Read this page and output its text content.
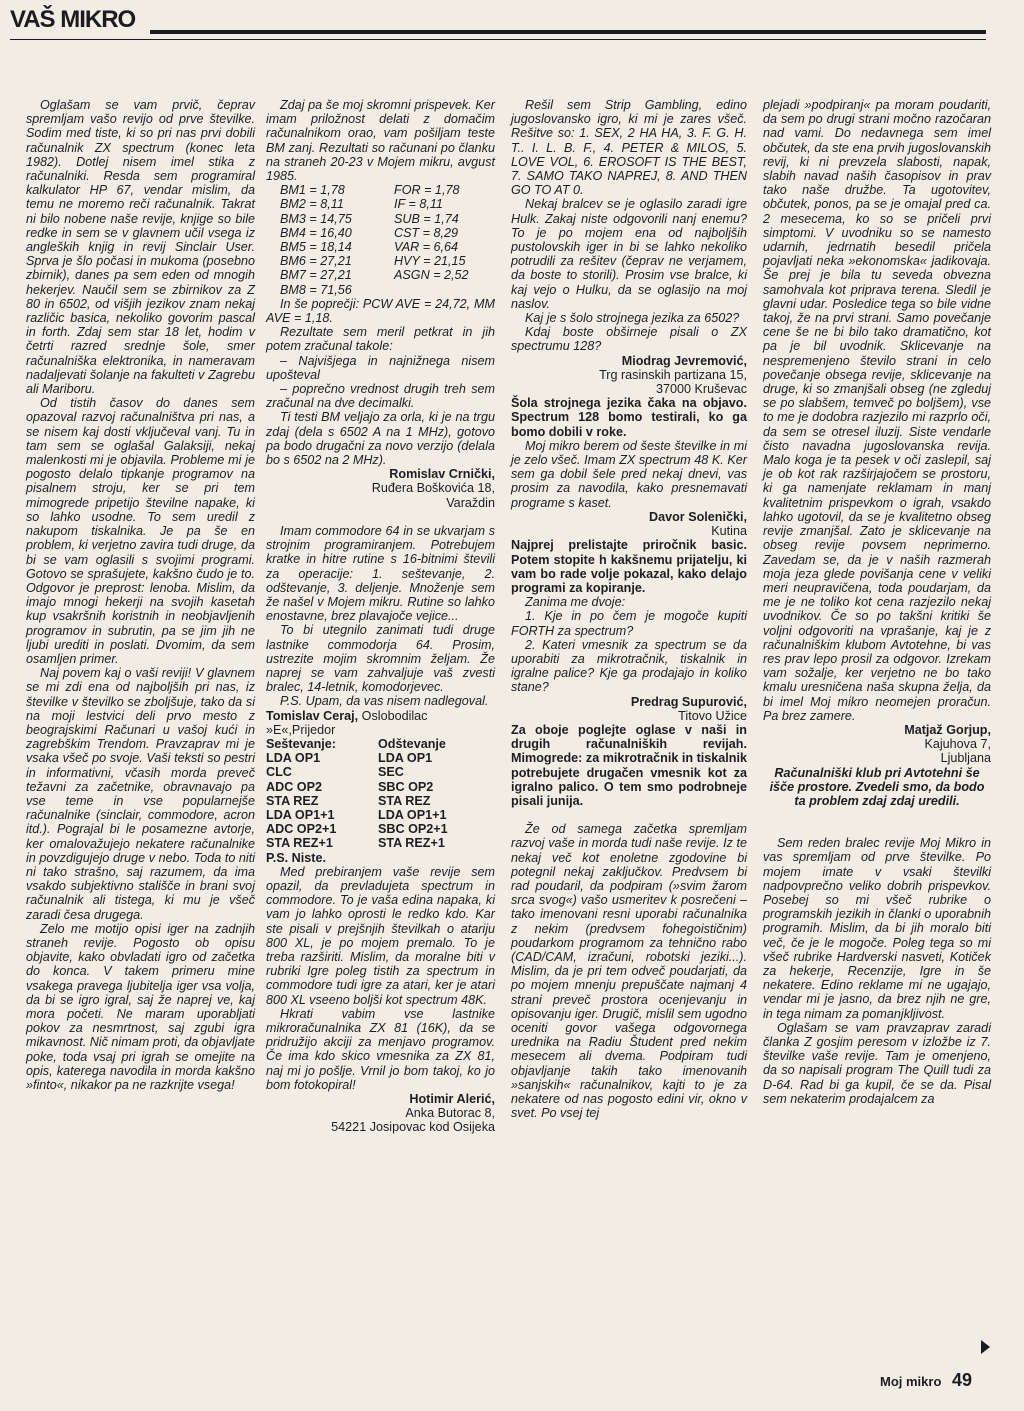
VAŠ MIKRO

Oglašam se vam prvič, čeprav spremljam vašo revijo od prve številke. Sodim med tiste, ki so pri nas prvi dobili računalnik ZX spectrum (konec leta 1982). Dotlej nisem imel stika z računalniki. Resda sem programiral kalkulator HP 67, vendar mislim, da temu ne moremo reči računalnik. Takrat ni bilo nobene naše revije, knjige so bile redke in sem se v glavnem učil vsega iz angleških knjig in revij Sinclair User. Sprva je šlo počasi in mukoma (posebno zbirnik), danes pa sem eden od mnogih hekerjev. Naučil sem se zbirnikov za Z 80 in 6502, od višjih jezikov znam nekaj različic basica, nekoliko govorim pascal in forth. Zdaj sem star 18 let, hodim v četrti razred srednje šole, smer računalniška elektronika, in nameravam nadaljevati šolanje na fakulteti v Zagrebu ali Mariboru.

Od tistih časov do danes sem opazoval razvoj računalništva pri nas, a se nisem kaj dosti vključeval vanj. Tu in tam sem se oglašal Galaksiji, nekaj malenkosti mi je objavila. Probleme mi je pogosto delalo tipkanje programov na pisalnem stroju, ker se pri tem mimogrede pripetijo številne napake, ki so lahko usodne. To sem uredil z nakupom tiskalnika. Je pa še en problem, ki verjetno zavira tudi druge, da bi se vam oglasili s svojimi programi. Gotovo se sprašujete, kakšno čudo je to. Odgovor je preprost: lenoba. Mislim, da imajo mnogi hekerji na svojih kasetah kup vsakršnih koristnih in neobjavljenih programov in subrutin, pa se jim jih ne ljubi urediti in poslati. Dvomim, da sem osamljen primer.

Naj povem kaj o vaši reviji! V glavnem se mi zdi ena od najboljših pri nas, iz številke v številko se zboljšuje, tako da si na moji lestvici deli prvo mesto z beograjskimi Računari u vašoj kući in zagrebškim Trendom. Pravzaprav mi je vsaka všeč po svoje. Vaši teksti so pestri in informativni, včasih morda preveč težavni za začetnike, obravnavajo pa vse teme in vse popularnejše računalnike (sinclair, commodore, acron itd.). Pograjal bi le posamezne avtorje, ker omalovažujejo nekatere računalnike in povzdigujejo druge v nebo. Toda to niti ni tako strašno, saj razumem, da ima vsakdo subjektivno stališče in brani svoj računalnik ali tistega, ki mu je všeč zaradi česa drugega.

Zelo me motijo opisi iger na zadnjih straneh revije. Pogosto ob opisu objavite, kako obvladati igro od začetka do konca. V takem primeru mine vsakega pravega ljubitelja iger vsa volja, da bi se igro igral, saj že naprej ve, kaj mora početi. Ne maram uporabljati pokov za nesmrtnost, saj zgubi igra mikavnost. Nič nimam proti, da objavljate poke, toda vsaj pri igrah se omejite na opis, katerega navodila in morda kakšno »finto«, nikakor pa ne razkrijte vsega!

Zdaj pa še moj skromni prispevek. Ker imam priložnost delati z domačim računalnikom orao, vam pošiljam teste BM zanj. Rezultati so računani po članku na straneh 20-23 v Mojem mikru, avgust 1985.

BM1 = 1,78	FOR = 1,78
BM2 = 8,11	IF = 8,11
BM3 = 14,75	SUB = 1,74
BM4 = 16,40	CST = 8,29
BM5 = 18,14	VAR = 6,64
BM6 = 27,21	HVY = 21,15
BM7 = 27,21	ASGN = 2,52
BM8 = 71,56	

In še poprečji: PCW AVE = 24,72, MM AVE = 1,18.

Rezultate sem meril petkrat in jih potem zračunal takole:

– Najvišjega in najnižnega nisem upošteval

– poprečno vrednost drugih treh sem zračunal na dve decimalki.

Ti testi BM veljajo za orla, ki je na trgu zdaj (dela s 6502 A na 1 MHz), gotovo pa bodo drugačni za novo verzijo (delala bo s 6502 na 2 MHz).

Romislav Crnički,
Ruđera Boškovića 18,
Varaždin

Imam commodore 64 in se ukvarjam s strojnim programiranjem. Potrebujem kratke in hitre rutine s 16-bitnimi števili za operacije: 1. seštevanje, 2. odštevanje, 3. deljenje. Množenje sem že našel v Mojem mikru. Rutine so lahko enostavne, brez plavajoče vejice...

To bi utegnilo zanimati tudi druge lastnike commodorja 64. Prosim, ustrezite mojim skromnim željam. Že naprej se vam zahvaljuje vaš zvesti bralec, 14-letnik, komodorjevec.

P.S. Upam, da vas nisem nadlegoval.

Tomislav Ceraj, Oslobodilac »E«,Prijedor

Seštevanje:	Odštevanje
LDA OP1	LDA OP1
CLC	SEC
ADC OP2	SBC OP2
STA REZ	STA REZ
LDA OP1+1	LDA OP1+1
ADC OP2+1	SBC OP2+1
STA REZ+1	STA REZ+1

P.S. Niste.

Med prebiranjem vaše revije sem opazil, da prevladujeta spectrum in commodore. To je vaša edina napaka, ki vam jo lahko oprosti le redko kdo. Kar ste pisali v prejšnjih številkah o atariju 800 XL, je po mojem premalo. To je treba razširiti. Mislim, da moralne biti v rubriki Igre poleg tistih za spectrum in commodore tudi igre za atari, ker je atari 800 XL vseeno boljši kot spectrum 48K.

Hkrati vabim vse lastnike mikroračunalnika ZX 81 (16K), da se pridružijo akciji za menjavo programov. Če ima kdo skico vmesnika za ZX 81, naj mi jo pošlje. Vrnil jo bom takoj, ko jo bom fotokopiral!

Hotimir Alerić,
Anka Butorac 8,
54221 Josipovac kod Osijeka

Rešil sem Strip Gambling, edino jugoslovansko igro, ki mi je zares všeč. Rešitve so: 1. SEX, 2 HA HA, 3. F. G. H. T.. I. L. B. F., 4. PETER & MILOS, 5. LOVE VOL, 6. EROSOFT IS THE BEST, 7. SAMO TAKO NAPREJ, 8. AND THEN GO TO AT 0.

Nekaj bralcev se je oglasilo zaradi igre Hulk. Zakaj niste odgovorili nanj enemu? To je po mojem ena od najboljših pustolovskih iger in bi se lahko nekoliko potrudili za rešitev (čeprav ne verjamem, da boste to storili). Prosim vse bralce, ki kaj vejo o Hulku, da se oglasijo na moj naslov.

Kaj je s šolo strojnega jezika za 6502?

Kdaj boste obširneje pisali o ZX spectrumu 128?

Miodrag Jevremović,
Trg rasinskih partizana 15,
37000 Kruševac

Šola strojnega jezika čaka na objavo. Spectrum 128 bomo testirali, ko ga bomo dobili v roke.

Moj mikro berem od šeste številke in mi je zelo všeč. Imam ZX spectrum 48 K. Ker sem ga dobil šele pred nekaj dnevi, vas prosim za navodila, kako presnemavati programe s kaset.

Davor Solenički,
Kutina

Najprej prelistajte priročnik basic. Potem stopite h kakšnemu prijatelju, ki vam bo rade volje pokazal, kako delajo programi za kopiranje.

Zanima me dvoje:

1. Kje in po čem je mogoče kupiti FORTH za spectrum?

2. Kateri vmesnik za spectrum se da uporabiti za mikrotračnik, tiskalnik in igralne palice? Kje ga prodajajo in koliko stane?

Predrag Supurović,
Titovo Užice

Za oboje poglejte oglase v naši in drugih računalniških revijah. Mimogrede: za mikrotračnik in tiskalnik potrebujete drugačen vmesnik kot za igralno palico. O tem smo podrobneje pisali junija.

Že od samega začetka spremljam razvoj vaše in morda tudi naše revije. Iz te nekaj več kot enoletne zgodovine bi potegnil nekaj zaključkov. Predvsem bi rad poudaril, da podpiram (»svim žarom srca svog«) vašo usmeritev k posrečeni – tako imenovani resni uporabi računalnika z nekim (predvsem fohegoističnim) poudarkom programom za tehnično rabo (CAD/CAM, izračuni, robotski jeziki...). Mislim, da je pri tem odveč poudarjati, da po mojem mnenju prepuščate najmanj 4 strani preveč prostora ocenjevanju in opisovanju iger. Drugič, mislil sem ugodno oceniti govor vašega odgovornega urednika na Radiu Študent pred nekim mesecem ali dvema. Podpiram tudi objavljanje takih tako imenovanih »sanjskih« računalnikov, kajti to je za nekatere od nas pogosto edini vir, okno v svet. Po vsej tej

plejadi »podpiranj« pa moram poudariti, da sem po drugi strani močno razočaran nad vami. Do nedavnega sem imel občutek, da ste ena prvih jugoslovanskih revij, ki ni prevzela slabosti, napak, slabih navad naših časopisov in prav tako naše družbe. Ta ugotovitev, občutek, ponos, pa se je omajal pred ca. 2 mesecema, ko so se pričeli prvi simptomi. V uvodniku so se namesto udarnih, jedrnatih besedil pričela pojavljati neka »ekonomska« jadikovaja. Še prej je bila tu seveda obvezna samohvala kot priprava terena. Sledil je glavni udar. Posledice tega so bile vidne takoj, že na prvi strani. Samo povečanje cene še ne bi bilo tako dramatično, kot pa je bil uvodnik. Sklicevanje na nespremenjeno število strani in celo povečanje obsega revije, sklicevanje na druge, ki so zmanjšali obseg (ne zgleduj se po slabšem, temveč po boljšem), vse to me je dodobra razjezilo mi razprlo oči, da sem se otresel iluzij. Siste vendarle čisto navadna jugoslovanska revija. Malo koga je ta pesek v oči zaslepil, saj je ob kot rak razširjajočem se prostoru, ki ga namenjate reklamam in manj kvalitetnim prispevkom o igrah, vsakdo lahko ugotovil, da se je kvalitetno obseg revije zmanjšal. Zato je sklicevanje na obseg revije povsem neprimerno. Zavedam se, da je v naših razmerah moja jeza glede povišanja cene v veliki meri neupravičena, toda poudarjam, da me je ne toliko kot cena razjezilo nekaj uvodnikov. Če so po takšni kritiki še voljni odgovoriti na vprašanje, kaj je z računalniškim klubom Avtotehne, bi vas res prav lepo prosil za odgovor. Izrekam vam sožalje, ker verjetno ne bo tako kmalu uresničena naša skupna želja, da bi imel Moj mikro neomejen proračun. Pa brez zamere.

Matjaž Gorjup,
Kajuhova 7,
Ljubljana

Računalniški klub pri Avtotehni še išče prostore. Zvedeli smo, da bodo ta problem zdaj zdaj uredili.

Sem reden bralec revije Moj Mikro in vas spremljam od prve številke. Po mojem imate v vsaki številki nadpovprečno veliko dobrih prispevkov. Posebej so mi všeč rubrike o programskih jezikih in članki o uporabnih programih. Mislim, da bi jih moralo biti več, če je le mogoče. Poleg tega so mi všeč rubrike Hardverski nasveti, Kotiček za hekerje, Recenzije, Igre in še nekatere. Edino reklame mi ne ugajajo, vendar mi je jasno, da brez njih ne gre, in tega nimam za pomanjkljivost.

Oglašam se vam pravzaprav zaradi članka Z gosjim peresom v izložbe iz 7. številke vaše revije. Tam je omenjeno, da so napisali program The Quill tudi za D-64. Rad bi ga kupil, če se da. Pisal sem nekaterim prodajalcem za

Moj mikro 49
